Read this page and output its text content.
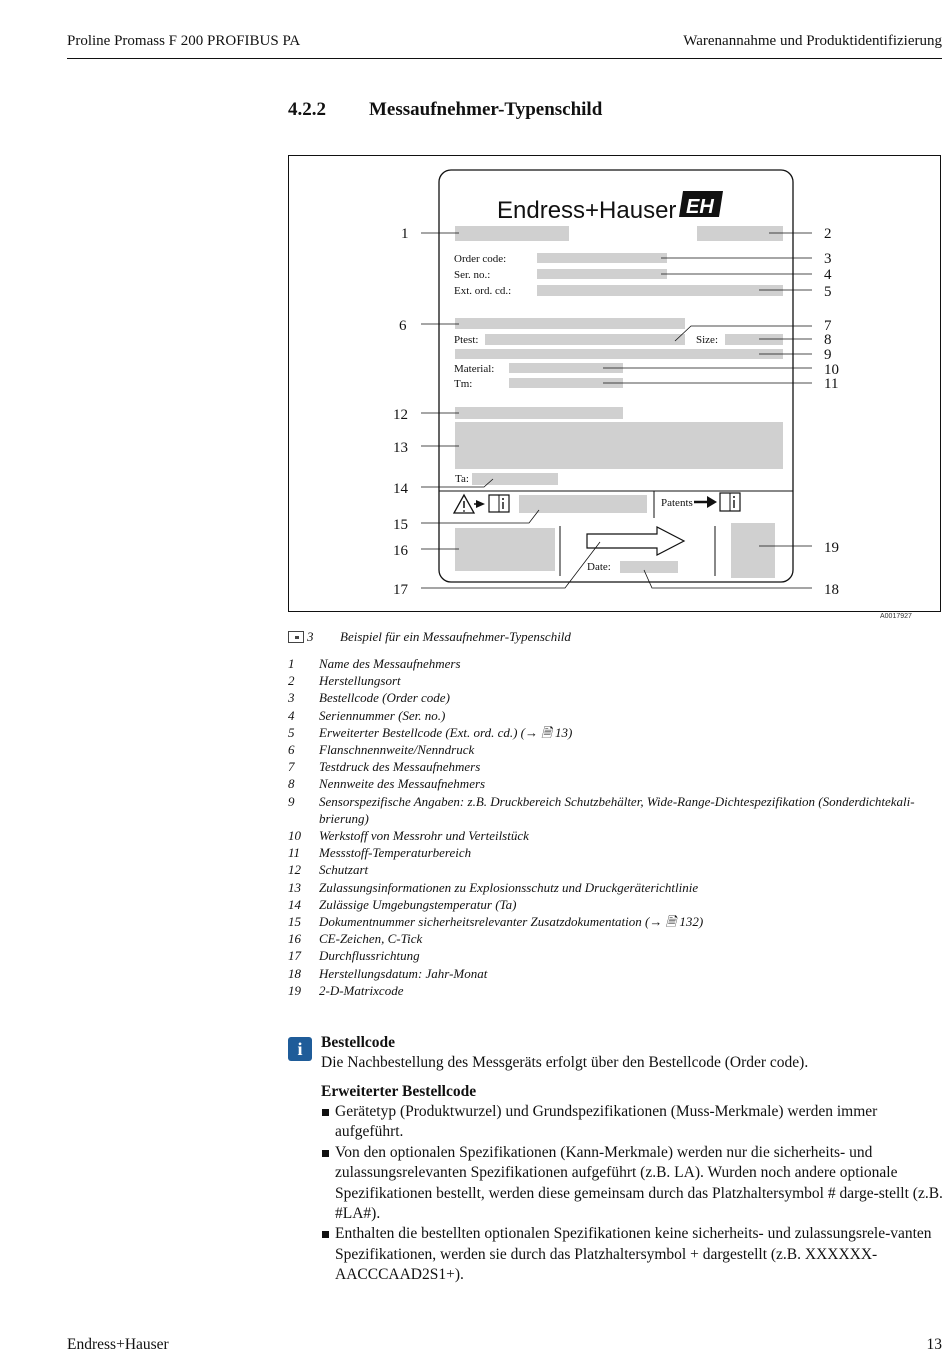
Proline Promass F 200 PROFIBUS PA	Warenannahme und Produktidentifizierung
4.2.2 Messaufnehmer-Typenschild
Endress+Hauser EH
Order code:
Ser. no.:
Ext. ord. cd.:
Ptest:	Size:
Material:
Tm:
Ta:
Patents
Date:
1
6
12
13
14
15
16
17
2
3
4
5
7
8
9
10
11
19
18
A0017927
3 Beispiel für ein Messaufnehmer-Typenschild
1	Name des Messaufnehmers
2	Herstellungsort
3	Bestellcode (Order code)
4	Seriennummer (Ser. no.)
5	Erweiterter Bestellcode (Ext. ord. cd.) (→ 🗎 13)
6	Flanschnennweite/Nenndruck
7	Testdruck des Messaufnehmers
8	Nennweite des Messaufnehmers
9	Sensorspezifische Angaben: z.B. Druckbereich Schutzbehälter, Wide-Range-Dichtespezifikation (Sonderdichtekali-brierung)
10	Werkstoff von Messrohr und Verteilstück
11	Messstoff-Temperaturbereich
12	Schutzart
13	Zulassungsinformationen zu Explosionsschutz und Druckgeräterichtlinie
14	Zulässige Umgebungstemperatur (Ta)
15	Dokumentnummer sicherheitsrelevanter Zusatzdokumentation (→ 🗎 132)
16	CE-Zeichen, C-Tick
17	Durchflussrichtung
18	Herstellungsdatum: Jahr-Monat
19	2-D-Matrixcode
i	Bestellcode

Die Nachbestellung des Messgeräts erfolgt über den Bestellcode (Order code).

Erweiterter Bestellcode
Gerätetyp (Produktwurzel) und Grundspezifikationen (Muss-Merkmale) werden immer aufgeführt.
Von den optionalen Spezifikationen (Kann-Merkmale) werden nur die sicherheits- und zulassungsrelevanten Spezifikationen aufgeführt (z.B. LA). Wurden noch andere optionale Spezifikationen bestellt, werden diese gemeinsam durch das Platzhaltersymbol # darge-stellt (z.B. #LA#).
Enthalten die bestellten optionalen Spezifikationen keine sicherheits- und zulassungsrele-vanten Spezifikationen, werden sie durch das Platzhaltersymbol + dargestellt (z.B. XXXXXX-AACCCAAD2S1+).
Endress+Hauser	13
